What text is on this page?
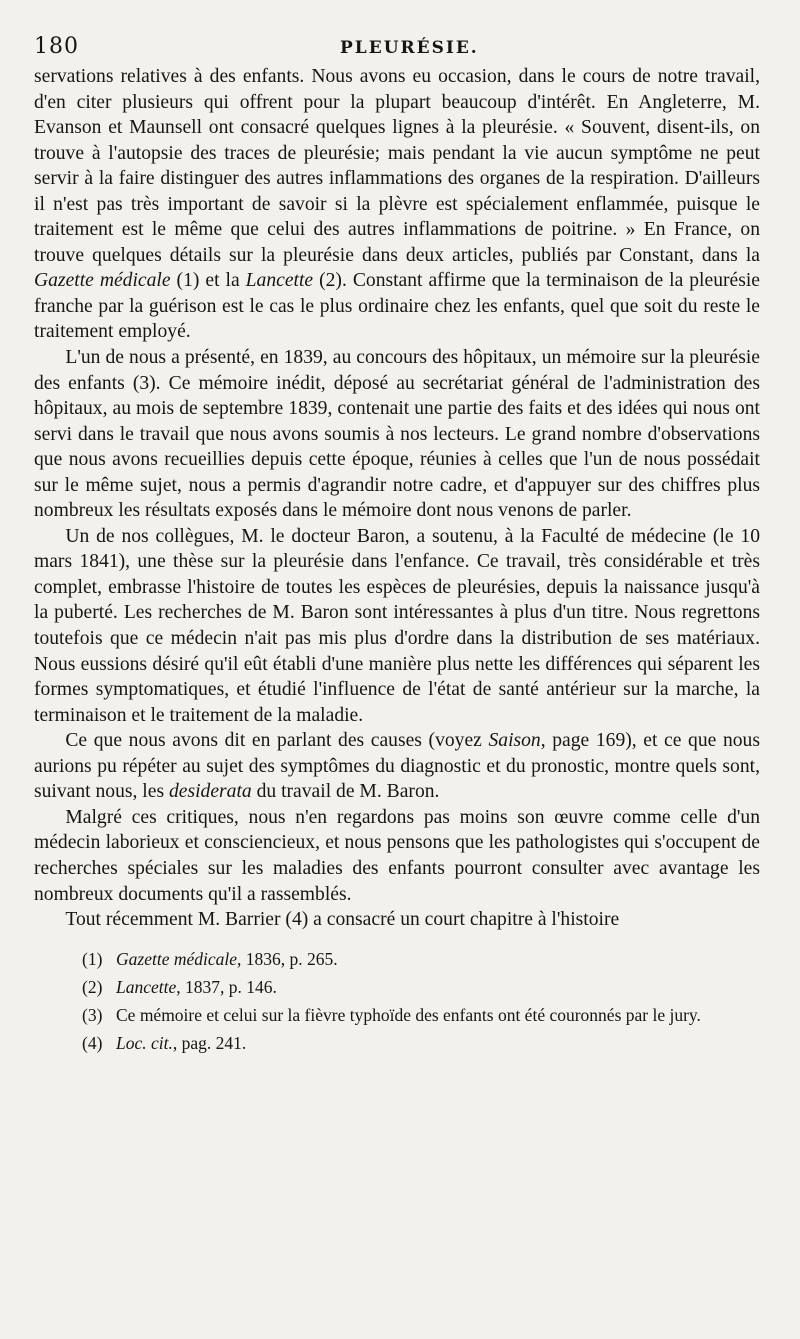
180	PLEURÉSIE.

servations relatives à des enfants. Nous avons eu occasion, dans le cours de notre travail, d'en citer plusieurs qui offrent pour la plupart beaucoup d'intérêt. En Angleterre, M. Evanson et Maunsell ont consacré quelques lignes à la pleurésie. « Souvent, disent-ils, on trouve à l'autopsie des traces de pleurésie; mais pendant la vie aucun symptôme ne peut servir à la faire distinguer des autres inflammations des organes de la respiration. D'ailleurs il n'est pas très important de savoir si la plèvre est spécialement enflammée, puisque le traitement est le même que celui des autres inflammations de poitrine. » En France, on trouve quelques détails sur la pleurésie dans deux articles, publiés par Constant, dans la Gazette médicale (1) et la Lancette (2). Constant affirme que la terminaison de la pleurésie franche par la guérison est le cas le plus ordinaire chez les enfants, quel que soit du reste le traitement employé.

L'un de nous a présenté, en 1839, au concours des hôpitaux, un mémoire sur la pleurésie des enfants (3). Ce mémoire inédit, déposé au secrétariat général de l'administration des hôpitaux, au mois de septembre 1839, contenait une partie des faits et des idées qui nous ont servi dans le travail que nous avons soumis à nos lecteurs. Le grand nombre d'observations que nous avons recueillies depuis cette époque, réunies à celles que l'un de nous possédait sur le même sujet, nous a permis d'agrandir notre cadre, et d'appuyer sur des chiffres plus nombreux les résultats exposés dans le mémoire dont nous venons de parler.

Un de nos collègues, M. le docteur Baron, a soutenu, à la Faculté de médecine (le 10 mars 1841), une thèse sur la pleurésie dans l'enfance. Ce travail, très considérable et très complet, embrasse l'histoire de toutes les espèces de pleurésies, depuis la naissance jusqu'à la puberté. Les recherches de M. Baron sont intéressantes à plus d'un titre. Nous regrettons toutefois que ce médecin n'ait pas mis plus d'ordre dans la distribution de ses matériaux. Nous eussions désiré qu'il eût établi d'une manière plus nette les différences qui séparent les formes symptomatiques, et étudié l'influence de l'état de santé antérieur sur la marche, la terminaison et le traitement de la maladie.

Ce que nous avons dit en parlant des causes (voyez Saison, page 169), et ce que nous aurions pu répéter au sujet des symptômes du diagnostic et du pronostic, montre quels sont, suivant nous, les desiderata du travail de M. Baron.

Malgré ces critiques, nous n'en regardons pas moins son œuvre comme celle d'un médecin laborieux et consciencieux, et nous pensons que les pathologistes qui s'occupent de recherches spéciales sur les maladies des enfants pourront consulter avec avantage les nombreux documents qu'il a rassemblés.

Tout récemment M. Barrier (4) a consacré un court chapitre à l'histoire

(1) Gazette médicale, 1836, p. 265.

(2) Lancette, 1837, p. 146.

(3) Ce mémoire et celui sur la fièvre typhoïde des enfants ont été couronnés par le jury.

(4) Loc. cit., pag. 241.
